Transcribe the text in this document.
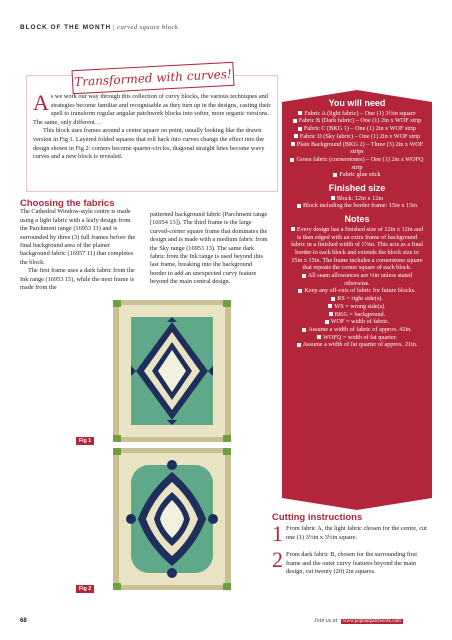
BLOCK OF THE MONTH | curved square block
Transformed with curves!
A s we work our way through this collection of curvy blocks, the various techniques and strategies become familiar and recognisable as they turn up in the designs, casting their spell to transform regular angular patchwork blocks into softer, more organic versions. The same, only different…

This block uses frames around a centre square on point, usually looking like the drawn version in Fig 1. Layered folded squares that roll back into curves change the effect into the design shown in Fig 2: corners become quarter-circles, diagonal straight lines become wavy curves and a new block is revealed.

Choosing the fabrics

The Cathedral Window-style centre is made using a light fabric with a leafy design from the Parchment range (16953 11) and is surrounded by three (3) full frames before the final background area of the plainer background fabric (16957 11) that completes the block.

The first frame uses a dark fabric from the Ink range (16953 15), while the next frame is made from the

patterned background fabric (Parchment range [16954 13]). The third frame is the large curved-corner square frame that dominates the design and is made with a medium fabric from the Sky range (16953 13). The same dark fabric from the Ink range is used beyond this last frame, breaking into the background border to add an unexpected curvy feature beyond the main central design.

You will need
Fabric A (light fabric) – One (1) 3½in square
Fabric B (Dark fabric) – One (1) 2in x WOF strip
Fabric C (BKG 1) – One (1) 2in x WOF strip
Fabric D (Sky fabric) – One (1) 2in x WOF strip
Plain Background (BKG 2) – Three (3) 2in x WOF strips
Green fabric (cornerstones) – One (1) 2in x WOFQ strip
Fabric glue stick
Finished size
Block: 12in x 12in
Block including the border frame: 15in x 15in
Notes
Every design has a finished size of 12in x 12in and is then edged with an extra frame of background fabric in a finished width of 1½in. This acts as a final border to each block and extends the block size to 15in x 15in. The frame includes a cornerstone square that repeats the corner square of each block.
All seam allowances are ¼in unless stated otherwise.
Keep any off-cuts of fabric for future blocks.
RS = right side(s).
WS = wrong side(s).
BKG = background.
WOF = width of fabric.
Assume a width of fabric of approx. 42in.
WOFQ = width of fat quarter.
Assume a width of fat quarter of approx. 21in.
Fig 1
Fig 2
Cutting instructions
1 From fabric A, the light fabric chosen for the centre, cut one (1) 3½in x 3½in square.
2 From dark fabric B, chosen for the surrounding first frame and the outer curvy features beyond the main design, cut twenty (20) 2in squares.
68	Join us at www.popularpatchwork.com
